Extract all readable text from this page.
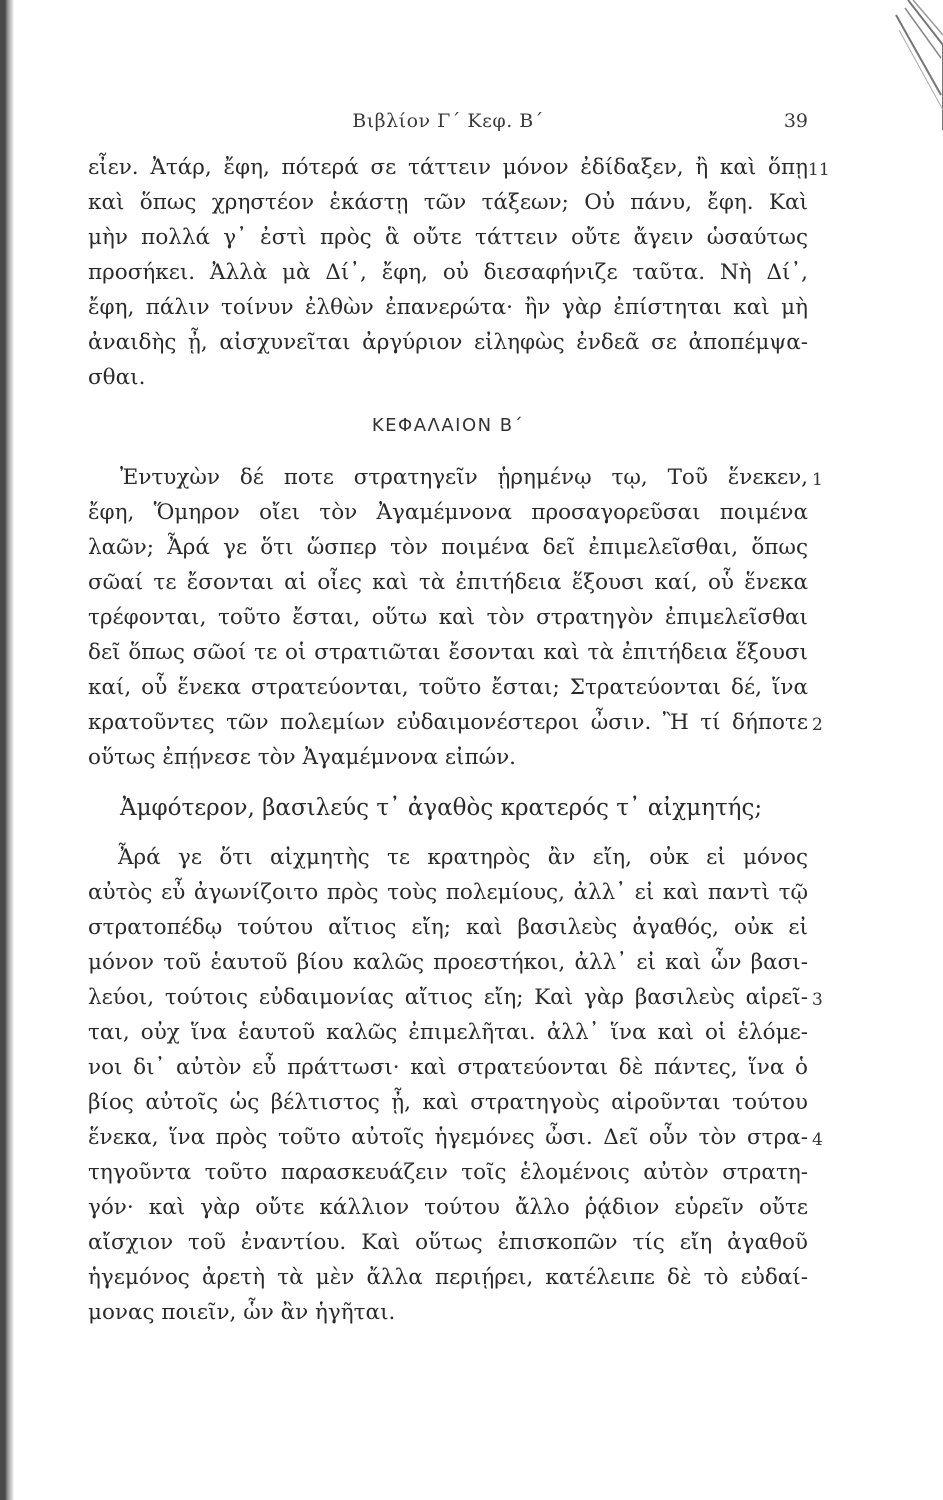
Βιβλίον Γ΄ Κεφ. Β΄	39
εἶεν. Ἀτάρ, ἔφη, πότερά σε τάττειν μόνον ἐδίδαξεν, ἢ καὶ ὅπῃ
καὶ ὅπως χρηστέον ἑκάστῃ τῶν τάξεων; Οὐ πάνυ, ἔφη. Καὶ
μὴν πολλά γ᾽ ἐστὶ πρὸς ἃ οὔτε τάττειν οὔτε ἄγειν ὡσαύτως
προσήκει. Ἀλλὰ μὰ Δί᾽, ἔφη, οὐ διεσαφήνιζε ταῦτα. Νὴ Δί᾽,
ἔφη, πάλιν τοίνυν ἐλθὼν ἐπανερώτα· ἢν γὰρ ἐπίστηται καὶ μὴ
ἀναιδὴς ᾖ, αἰσχυνεῖται ἀργύριον εἰληφὼς ἐνδεᾶ σε ἀποπέμψα-
σθαι.
ΚΕΦΑΛΑΙΟΝ Β΄
Ἐντυχὼν δέ ποτε στρατηγεῖν ᾑρημένῳ τῳ, Τοῦ ἕνεκεν,
ἔφη, Ὅμηρον οἴει τὸν Ἀγαμέμνονα προσαγορεῦσαι ποιμένα
λαῶν; Ἆρά γε ὅτι ὥσπερ τὸν ποιμένα δεῖ ἐπιμελεῖσθαι, ὅπως
σῶαί τε ἔσονται αἱ οἶες καὶ τὰ ἐπιτήδεια ἕξουσι καί, οὗ ἕνεκα
τρέφονται, τοῦτο ἔσται, οὕτω καὶ τὸν στρατηγὸν ἐπιμελεῖσθαι
δεῖ ὅπως σῶοί τε οἱ στρατιῶται ἔσονται καὶ τὰ ἐπιτήδεια ἕξουσι
καί, οὗ ἕνεκα στρατεύονται, τοῦτο ἔσται; Στρατεύονται δέ, ἵνα
κρατοῦντες τῶν πολεμίων εὐδαιμονέστεροι ὦσιν. Ἢ τί δήποτε
οὕτως ἐπῄνεσε τὸν Ἀγαμέμνονα εἰπών.
Ἀμφότερον, βασιλεύς τ᾽ ἀγαθὸς κρατερός τ᾽ αἰχμητής;
Ἆρά γε ὅτι αἰχμητὴς τε κρατηρὸς ἂν εἴη, οὐκ εἰ μόνος
αὐτὸς εὖ ἀγωνίζοιτο πρὸς τοὺς πολεμίους, ἀλλ᾽ εἰ καὶ παντὶ τῷ
στρατοπέδῳ τούτου αἴτιος εἴη; καὶ βασιλεὺς ἀγαθός, οὐκ εἰ
μόνον τοῦ ἑαυτοῦ βίου καλῶς προεστήκοι, ἀλλ᾽ εἰ καὶ ὧν βασι-
λεύοι, τούτοις εὐδαιμονίας αἴτιος εἴη; Καὶ γὰρ βασιλεὺς αἱρεῖ-
ται, οὐχ ἵνα ἑαυτοῦ καλῶς ἐπιμελῆται. ἀλλ᾽ ἵνα καὶ οἱ ἑλόμε-
νοι δι᾽ αὐτὸν εὖ πράττωσι· καὶ στρατεύονται δὲ πάντες, ἵνα ὁ
βίος αὐτοῖς ὡς βέλτιστος ᾖ, καὶ στρατηγοὺς αἱροῦνται τούτου
ἕνεκα, ἵνα πρὸς τοῦτο αὐτοῖς ἡγεμόνες ὦσι. Δεῖ οὖν τὸν στρα-
τηγοῦντα τοῦτο παρασκευάζειν τοῖς ἑλομένοις αὐτὸν στρατη-
γόν· καὶ γὰρ οὔτε κάλλιον τούτου ἄλλο ῥᾴδιον εὑρεῖν οὔτε
αἴσχιον τοῦ ἐναντίου. Καὶ οὕτως ἐπισκοπῶν τίς εἴη ἀγαθοῦ
ἡγεμόνος ἀρετὴ τὰ μὲν ἄλλα περιῄρει, κατέλειπε δὲ τὸ εὐδαί-
μονας ποιεῖν, ὧν ἂν ἡγῆται.
11
1
2
3
4
